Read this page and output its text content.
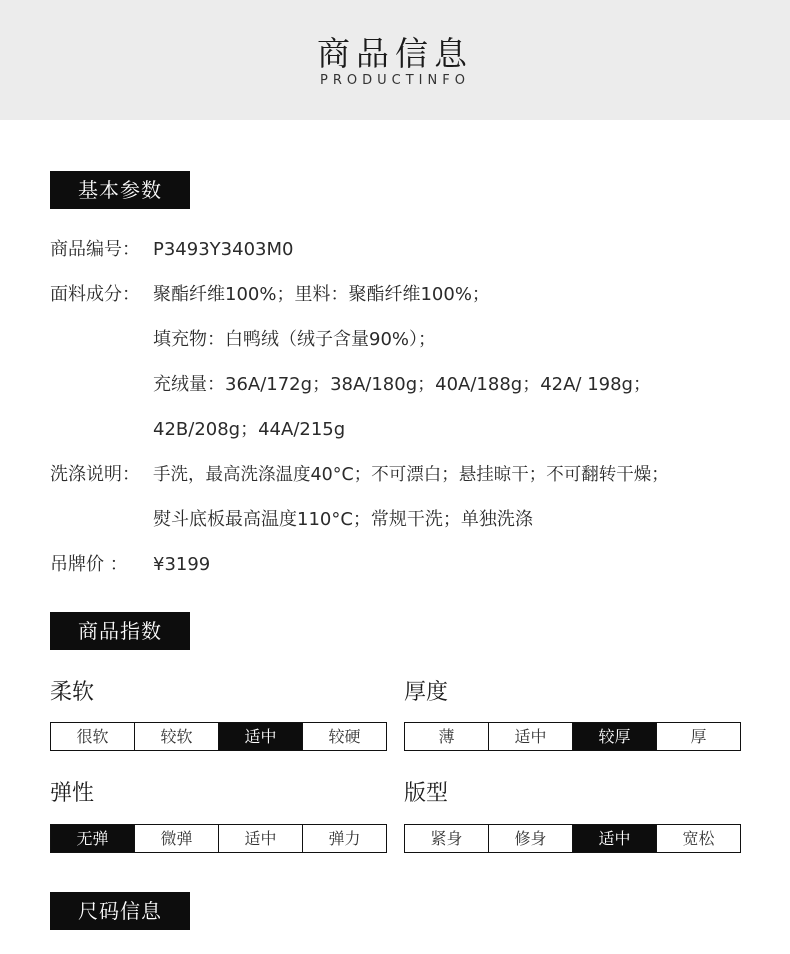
商品信息
PRODUCTINFO
基本参数
商品编号： P3493Y3403M0
面料成分： 聚酯纤维100%；里料：聚酯纤维100%；
填充物：白鸭绒（绒子含量90%）；
充绒量：36A/172g；38A/180g；40A/188g；42A/ 198g；
42B/208g；44A/215g
洗涤说明： 手洗，最高洗涤温度40°C；不可漂白；悬挂晾干；不可翻转干燥；
熨斗底板最高温度110°C；常规干洗；单独洗涤
吊牌价 ： ¥3199
商品指数
柔软
很软	较软	适中	较硬
厚度
薄	适中	较厚	厚
弹性
无弹	微弹	适中	弹力
版型
紧身	修身	适中	宽松
尺码信息
